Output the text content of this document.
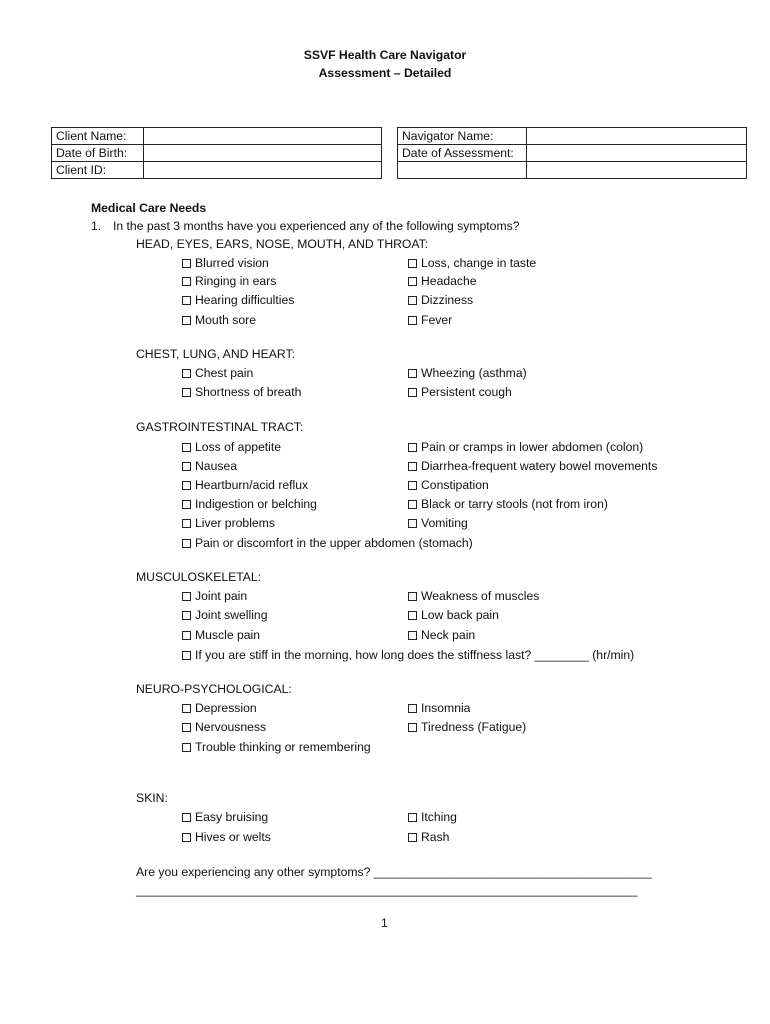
SSVF Health Care Navigator
Assessment – Detailed
Client Name:	
Date of Birth:	
Client ID:	
Navigator Name:	
Date of Assessment:	

Medical Care Needs
1. In the past 3 months have you experienced any of the following symptoms?
HEAD, EYES, EARS, NOSE, MOUTH, AND THROAT:
Blurred vision	Loss, change in taste
Ringing in ears	Headache
Hearing difficulties	Dizziness
Mouth sore	Fever
CHEST, LUNG, AND HEART:
Chest pain	Wheezing (asthma)
Shortness of breath	Persistent cough
GASTROINTESTINAL TRACT:
Loss of appetite	Pain or cramps in lower abdomen (colon)
Nausea	Diarrhea-frequent watery bowel movements
Heartburn/acid reflux	Constipation
Indigestion or belching	Black or tarry stools (not from iron)
Liver problems	Vomiting
Pain or discomfort in the upper abdomen (stomach)
MUSCULOSKELETAL:
Joint pain	Weakness of muscles
Joint swelling	Low back pain
Muscle pain	Neck pain
If you are stiff in the morning, how long does the stiffness last? ________ (hr/min)
NEURO-PSYCHOLOGICAL:
Depression	Insomnia
Nervousness	Tiredness (Fatigue)
Trouble thinking or remembering
SKIN:
Easy bruising	Itching
Hives or welts	Rash
Are you experiencing any other symptoms? _________________________________________
__________________________________________________________________________
1
